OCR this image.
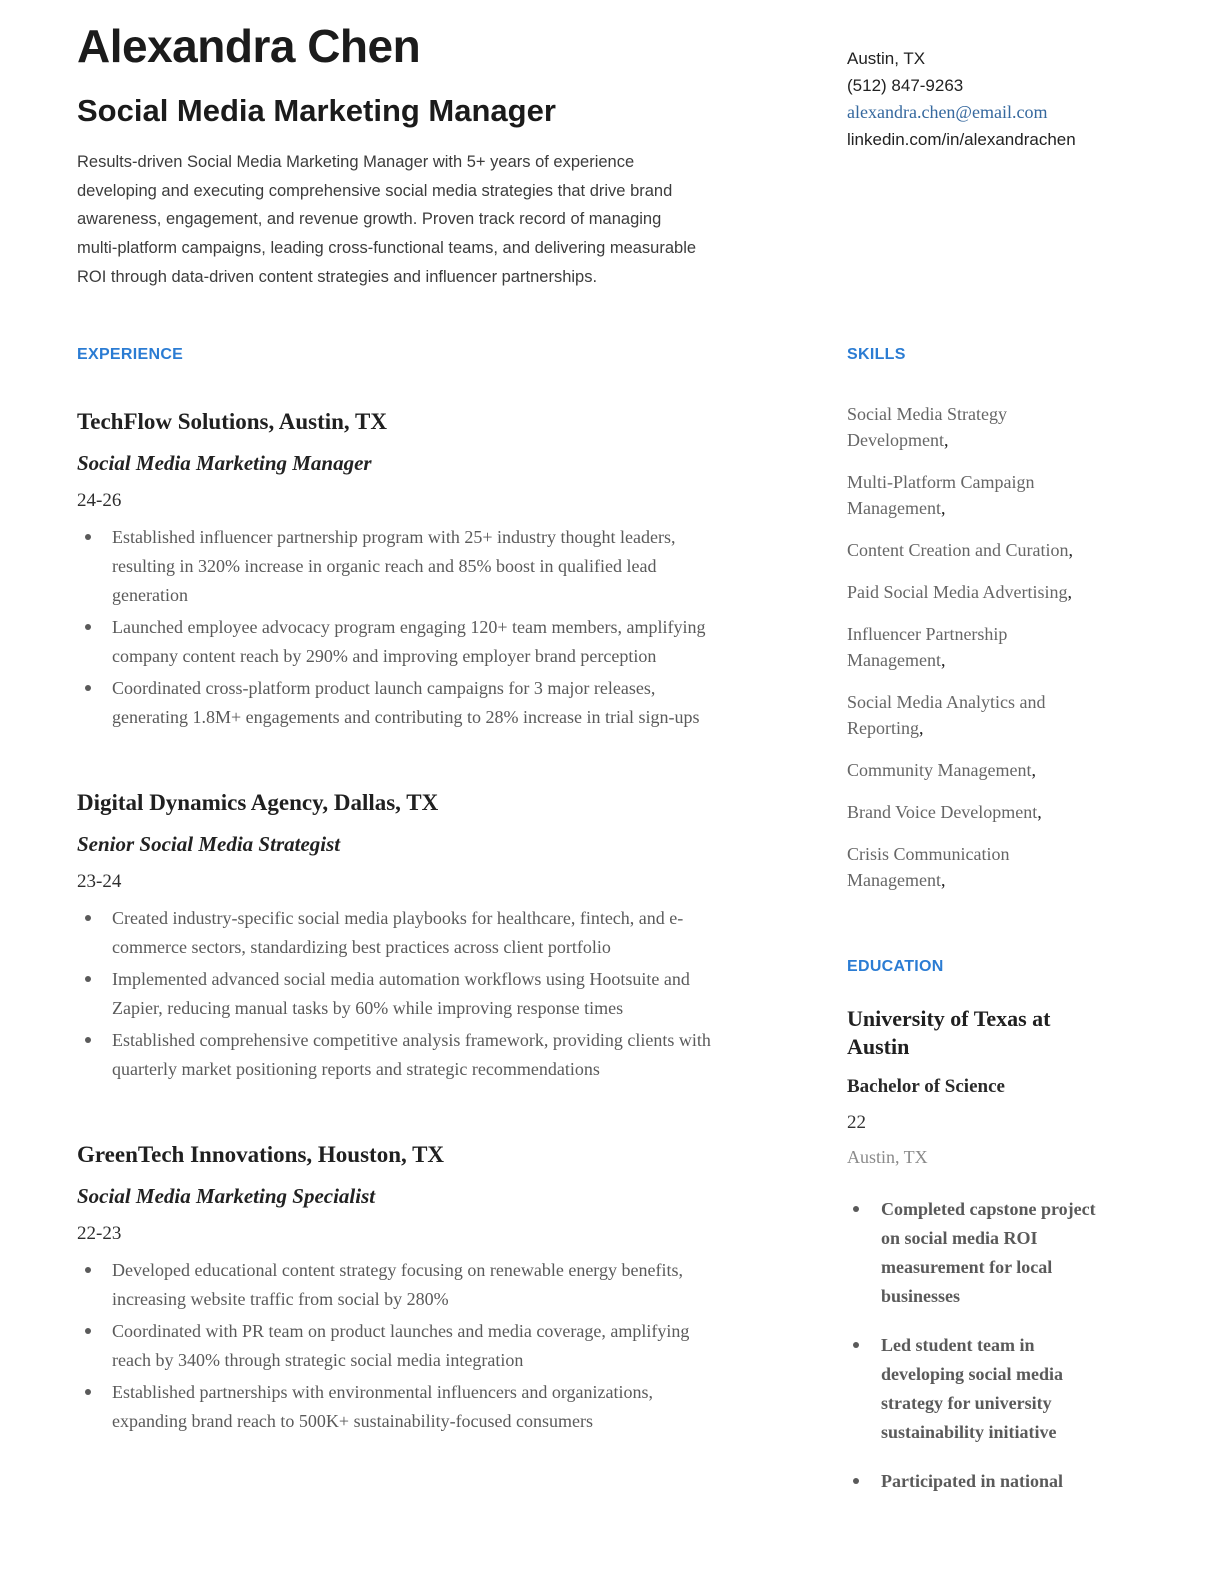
Alexandra Chen
Social Media Marketing Manager

Results-driven Social Media Marketing Manager with 5+ years of experience developing and executing comprehensive social media strategies that drive brand awareness, engagement, and revenue growth. Proven track record of managing multi-platform campaigns, leading cross-functional teams, and delivering measurable ROI through data-driven content strategies and influencer partnerships.

Austin, TX

(512) 847-9263

alexandra.chen@email.com

linkedin.com/in/alexandrachen

EXPERIENCE
TechFlow Solutions, Austin, TX
Social Media Marketing Manager
24-26
Established influencer partnership program with 25+ industry thought leaders, resulting in 320% increase in organic reach and 85% boost in qualified lead generation
Launched employee advocacy program engaging 120+ team members, amplifying company content reach by 290% and improving employer brand perception
Coordinated cross-platform product launch campaigns for 3 major releases, generating 1.8M+ engagements and contributing to 28% increase in trial sign-ups
Digital Dynamics Agency, Dallas, TX
Senior Social Media Strategist
23-24
Created industry-specific social media playbooks for healthcare, fintech, and e-commerce sectors, standardizing best practices across client portfolio
Implemented advanced social media automation workflows using Hootsuite and Zapier, reducing manual tasks by 60% while improving response times
Established comprehensive competitive analysis framework, providing clients with quarterly market positioning reports and strategic recommendations
GreenTech Innovations, Houston, TX
Social Media Marketing Specialist
22-23
Developed educational content strategy focusing on renewable energy benefits, increasing website traffic from social by 280%
Coordinated with PR team on product launches and media coverage, amplifying reach by 340% through strategic social media integration
Established partnerships with environmental influencers and organizations, expanding brand reach to 500K+ sustainability-focused consumers
SKILLS
Social Media Strategy Development,
Multi-Platform Campaign Management,
Content Creation and Curation,
Paid Social Media Advertising,
Influencer Partnership Management,
Social Media Analytics and Reporting,
Community Management,
Brand Voice Development,
Crisis Communication Management,
EDUCATION
University of Texas at Austin

Bachelor of Science

22

Austin, TX

Completed capstone project on social media ROI measurement for local businesses
Led student team in developing social media strategy for university sustainability initiative
Participated in national
